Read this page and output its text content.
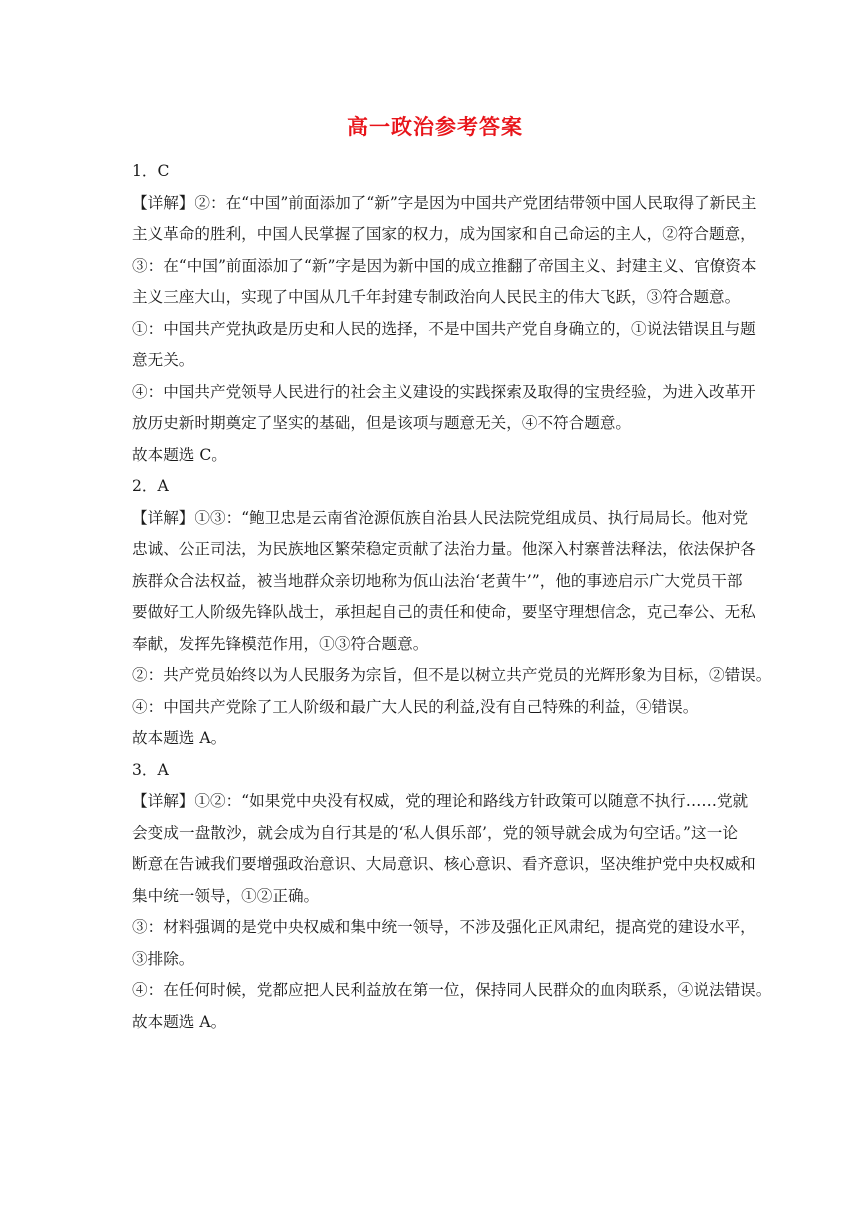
高一政治参考答案
1．C
【详解】②：在“中国”前面添加了“新”字是因为中国共产党团结带领中国人民取得了新民主
主义革命的胜利，中国人民掌握了国家的权力，成为国家和自己命运的主人，②符合题意，
③：在“中国”前面添加了“新”字是因为新中国的成立推翻了帝国主义、封建主义、官僚资本
主义三座大山，实现了中国从几千年封建专制政治向人民民主的伟大飞跃，③符合题意。
①：中国共产党执政是历史和人民的选择，不是中国共产党自身确立的，①说法错误且与题
意无关。
④：中国共产党领导人民进行的社会主义建设的实践探索及取得的宝贵经验，为进入改革开
放历史新时期奠定了坚实的基础，但是该项与题意无关，④不符合题意。
故本题选 C。
2．A
【详解】①③：“鲍卫忠是云南省沧源佤族自治县人民法院党组成员、执行局局长。他对党
忠诚、公正司法，为民族地区繁荣稳定贡献了法治力量。他深入村寨普法释法，依法保护各
族群众合法权益，被当地群众亲切地称为佤山法治‘老黄牛’”，他的事迹启示广大党员干部
要做好工人阶级先锋队战士，承担起自己的责任和使命，要坚守理想信念，克己奉公、无私
奉献，发挥先锋模范作用，①③符合题意。
②：共产党员始终以为人民服务为宗旨，但不是以树立共产党员的光辉形象为目标，②错误。
④：中国共产党除了工人阶级和最广大人民的利益,没有自己特殊的利益，④错误。
故本题选 A。
3．A
【详解】①②：“如果党中央没有权威，党的理论和路线方针政策可以随意不执行……党就
会变成一盘散沙，就会成为自行其是的‘私人俱乐部’，党的领导就会成为句空话。”这一论
断意在告诫我们要增强政治意识、大局意识、核心意识、看齐意识，坚决维护党中央权威和
集中统一领导，①②正确。
③：材料强调的是党中央权威和集中统一领导，不涉及强化正风肃纪，提高党的建设水平，
③排除。
④：在任何时候，党都应把人民利益放在第一位，保持同人民群众的血肉联系，④说法错误。
故本题选 A。
